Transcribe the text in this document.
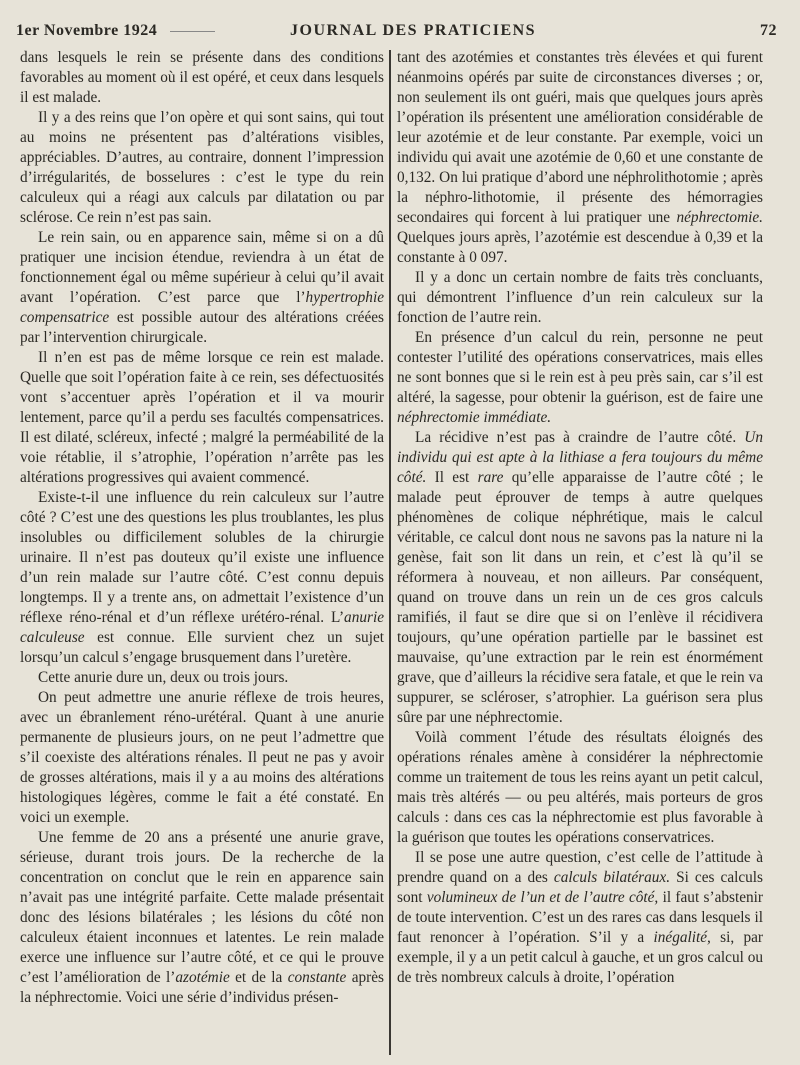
1er Novembre 1924	JOURNAL DES PRATICIENS	72

dans lesquels le rein se présente dans des conditions favorables au moment où il est opéré, et ceux dans lesquels il est malade.

Il y a des reins que l’on opère et qui sont sains, qui tout au moins ne présentent pas d’altérations visibles, appréciables. D’autres, au contraire, donnent l’impression d’irrégularités, de bosselures : c’est le type du rein calculeux qui a réagi aux calculs par dilatation ou par sclérose. Ce rein n’est pas sain.

Le rein sain, ou en apparence sain, même si on a dû pratiquer une incision étendue, reviendra à un état de fonctionnement égal ou même supérieur à celui qu’il avait avant l’opération. C’est parce que l’hypertrophie compensatrice est possible autour des altérations créées par l’intervention chirurgicale.

Il n’en est pas de même lorsque ce rein est malade. Quelle que soit l’opération faite à ce rein, ses défectuosités vont s’accentuer après l’opération et il va mourir lentement, parce qu’il a perdu ses facultés compensatrices. Il est dilaté, scléreux, infecté ; malgré la perméabilité de la voie rétablie, il s’atrophie, l’opération n’arrête pas les altérations progressives qui avaient commencé.

Existe-t-il une influence du rein calculeux sur l’autre côté ? C’est une des questions les plus troublantes, les plus insolubles ou difficilement solubles de la chirurgie urinaire. Il n’est pas douteux qu’il existe une influence d’un rein malade sur l’autre côté. C’est connu depuis longtemps. Il y a trente ans, on admettait l’existence d’un réflexe réno-rénal et d’un réflexe urétéro-rénal. L’anurie calculeuse est connue. Elle survient chez un sujet lorsqu’un calcul s’engage brusquement dans l’uretère.

Cette anurie dure un, deux ou trois jours.

On peut admettre une anurie réflexe de trois heures, avec un ébranlement réno-urétéral. Quant à une anurie permanente de plusieurs jours, on ne peut l’admettre que s’il coexiste des altérations rénales. Il peut ne pas y avoir de grosses altérations, mais il y a au moins des altérations histologiques légères, comme le fait a été constaté. En voici un exemple.

Une femme de 20 ans a présenté une anurie grave, sérieuse, durant trois jours. De la recherche de la concentration on conclut que le rein en apparence sain n’avait pas une intégrité parfaite. Cette malade présentait donc des lésions bilatérales ; les lésions du côté non calculeux étaient inconnues et latentes. Le rein malade exerce une influence sur l’autre côté, et ce qui le prouve c’est l’amélioration de l’azotémie et de la constante après la néphrectomie. Voici une série d’individus présen-

tant des azotémies et constantes très élevées et qui furent néanmoins opérés par suite de circonstances diverses ; or, non seulement ils ont guéri, mais que quelques jours après l’opération ils présentent une amélioration considérable de leur azotémie et de leur constante. Par exemple, voici un individu qui avait une azotémie de 0,60 et une constante de 0,132. On lui pratique d’abord une néphrolithotomie ; après la néphro-lithotomie, il présente des hémorragies secondaires qui forcent à lui pratiquer une néphrectomie. Quelques jours après, l’azotémie est descendue à 0,39 et la constante à 0 097.

Il y a donc un certain nombre de faits très concluants, qui démontrent l’influence d’un rein calculeux sur la fonction de l’autre rein.

En présence d’un calcul du rein, personne ne peut contester l’utilité des opérations conservatrices, mais elles ne sont bonnes que si le rein est à peu près sain, car s’il est altéré, la sagesse, pour obtenir la guérison, est de faire une néphrectomie immédiate.

La récidive n’est pas à craindre de l’autre côté. Un individu qui est apte à la lithiase a fera toujours du même côté. Il est rare qu’elle apparaisse de l’autre côté ; le malade peut éprouver de temps à autre quelques phénomènes de colique néphrétique, mais le calcul véritable, ce calcul dont nous ne savons pas la nature ni la genèse, fait son lit dans un rein, et c’est là qu’il se réformera à nouveau, et non ailleurs. Par conséquent, quand on trouve dans un rein un de ces gros calculs ramifiés, il faut se dire que si on l’enlève il récidivera toujours, qu’une opération partielle par le bassinet est mauvaise, qu’une extraction par le rein est énormément grave, que d’ailleurs la récidive sera fatale, et que le rein va suppurer, se scléroser, s’atrophier. La guérison sera plus sûre par une néphrectomie.

Voilà comment l’étude des résultats éloignés des opérations rénales amène à considérer la néphrectomie comme un traitement de tous les reins ayant un petit calcul, mais très altérés — ou peu altérés, mais porteurs de gros calculs : dans ces cas la néphrectomie est plus favorable à la guérison que toutes les opérations conservatrices.

Il se pose une autre question, c’est celle de l’attitude à prendre quand on a des calculs bilatéraux. Si ces calculs sont volumineux de l’un et de l’autre côté, il faut s’abstenir de toute intervention. C’est un des rares cas dans lesquels il faut renoncer à l’opération. S’il y a inégalité, si, par exemple, il y a un petit calcul à gauche, et un gros calcul ou de très nombreux calculs à droite, l’opération
